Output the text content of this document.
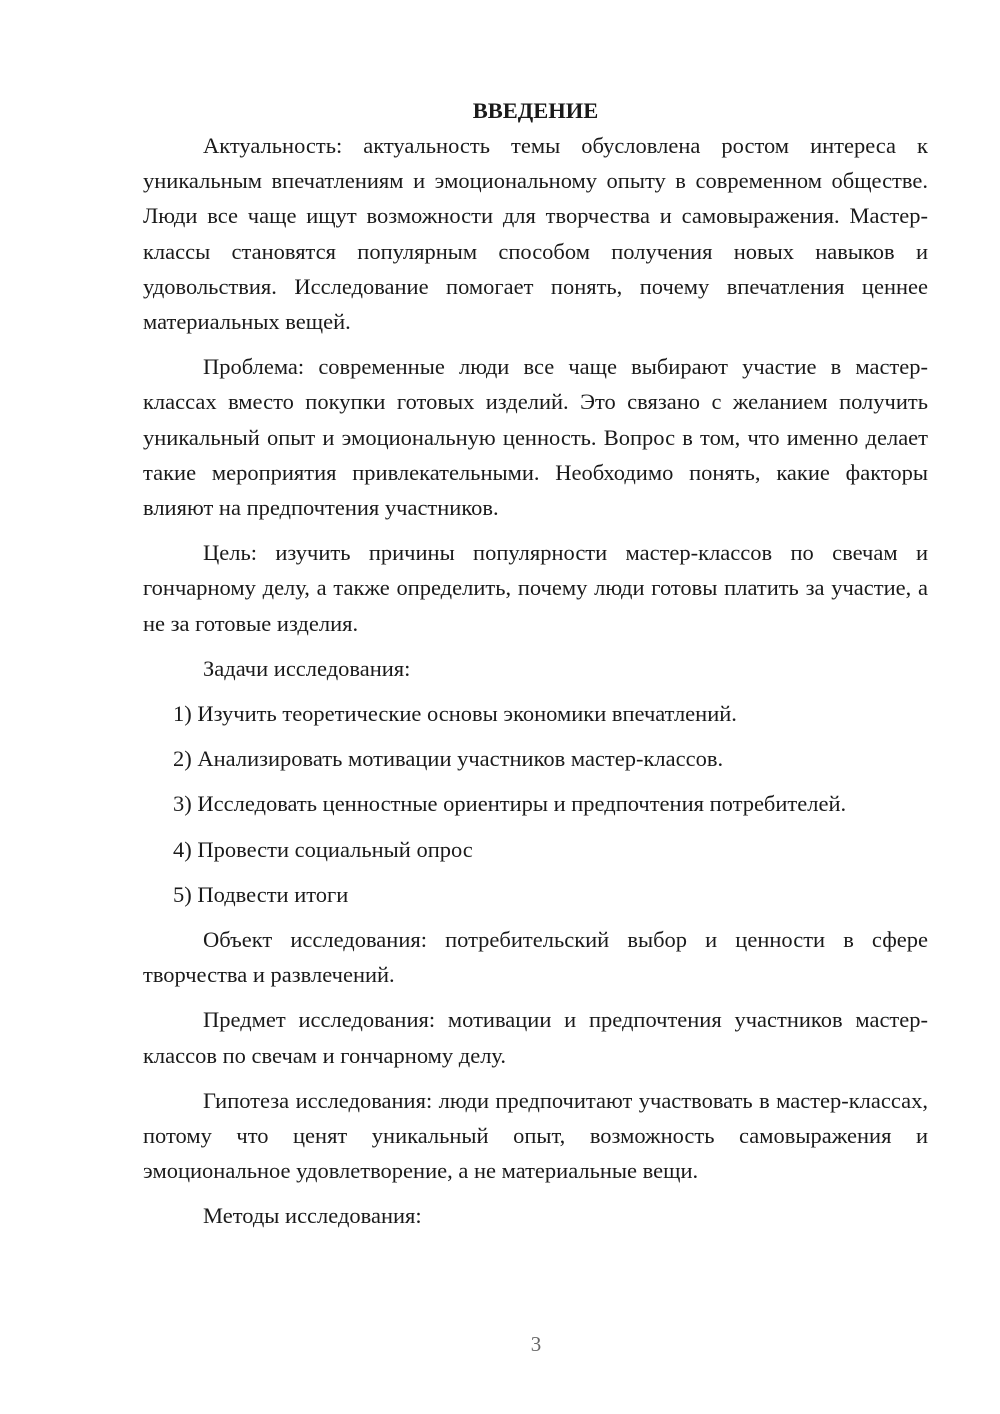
ВВЕДЕНИЕ

Актуальность: актуальность темы обусловлена ростом интереса к уникальным впечатлениям и эмоциональному опыту в современном обществе. Люди все чаще ищут возможности для творчества и самовыражения. Мастер-классы становятся популярным способом получения новых навыков и удовольствия. Исследование помогает понять, почему впечатления ценнее материальных вещей.

Проблема: современные люди все чаще выбирают участие в мастер-классах вместо покупки готовых изделий. Это связано с желанием получить уникальный опыт и эмоциональную ценность. Вопрос в том, что именно делает такие мероприятия привлекательными. Необходимо понять, какие факторы влияют на предпочтения участников.

Цель: изучить причины популярности мастер-классов по свечам и гончарному делу, а также определить, почему люди готовы платить за участие, а не за готовые изделия.

Задачи исследования:

1) Изучить теоретические основы экономики впечатлений.
2) Анализировать мотивации участников мастер-классов.
3) Исследовать ценностные ориентиры и предпочтения потребителей.
4) Провести социальный опрос
5) Подвести итоги

Объект исследования: потребительский выбор и ценности в сфере творчества и развлечений.

Предмет исследования: мотивации и предпочтения участников мастер-классов по свечам и гончарному делу.

Гипотеза исследования: люди предпочитают участвовать в мастер-классах, потому что ценят уникальный опыт, возможность самовыражения и эмоциональное удовлетворение, а не материальные вещи.

Методы исследования:

3
